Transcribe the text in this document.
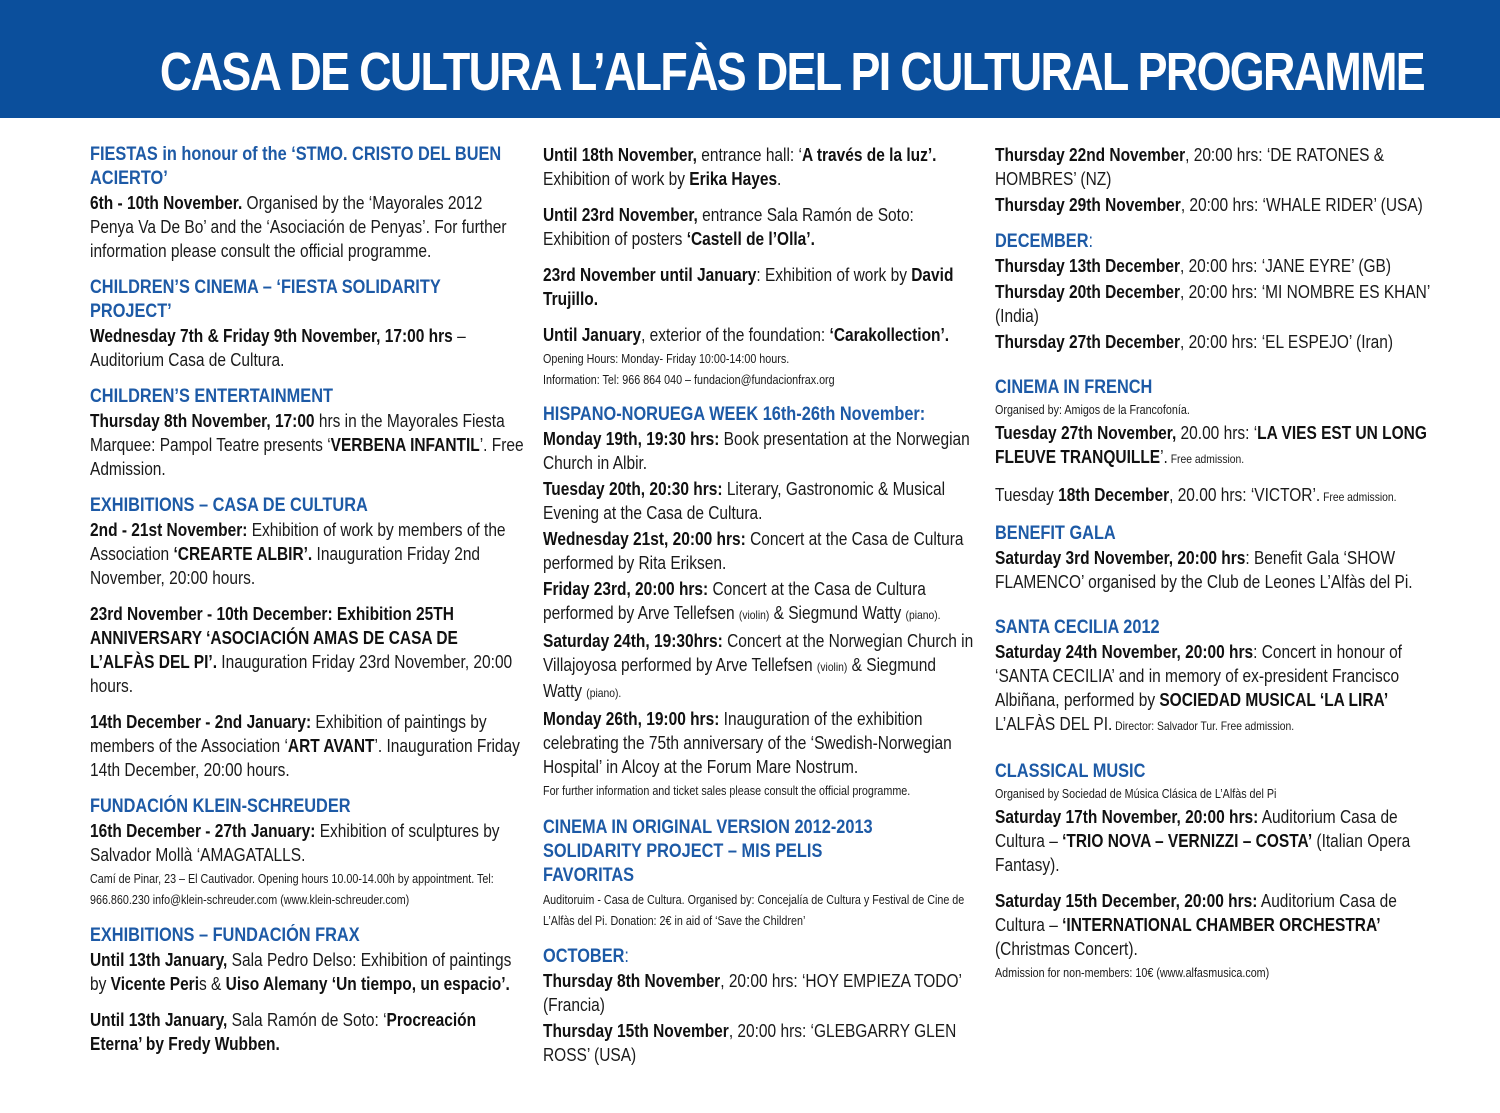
CASA DE CULTURA L’ALFÀS DEL PI CULTURAL PROGRAMME
FIESTAS in honour of the ‘STMO. CRISTO DEL BUEN ACIERTO’
6th - 10th November. Organised by the ‘Mayorales 2012 Penya Va De Bo’ and the ‘Asociación de Penyas’. For further information please consult the official programme.
CHILDREN’S CINEMA – ‘FIESTA SOLIDARITY PROJECT’
Wednesday 7th & Friday 9th November, 17:00 hrs – Auditorium Casa de Cultura.
CHILDREN’S ENTERTAINMENT
Thursday 8th November, 17:00 hrs in the Mayorales Fiesta Marquee: Pampol Teatre presents ‘VERBENA INFANTIL’. Free Admission.
EXHIBITIONS – CASA DE CULTURA
2nd - 21st November: Exhibition of work by members of the Association ‘CREARTE ALBIR’. Inauguration Friday 2nd November, 20:00 hours.
23rd November - 10th December: Exhibition 25TH ANNIVERSARY ‘ASOCIACIÓN AMAS DE CASA DE L’ALFÀS DEL PI’. Inauguration Friday 23rd November, 20:00 hours.
14th December - 2nd January: Exhibition of paintings by members of the Association ‘ART AVANT’. Inauguration Friday 14th December, 20:00 hours.
FUNDACIÓN KLEIN-SCHREUDER
16th December - 27th January: Exhibition of sculptures by Salvador Mollà ‘AMAGATALLS.
Camí de Pinar, 23 – El Cautivador. Opening hours 10.00-14.00h by appointment. Tel: 966.860.230 info@klein-schreuder.com (www.klein-schreuder.com)
EXHIBITIONS – FUNDACIÓN FRAX
Until 13th January, Sala Pedro Delso: Exhibition of paintings by Vicente Peris & Uiso Alemany ‘Un tiempo, un espacio’.
Until 13th January, Sala Ramón de Soto: ‘Procreación Eterna’ by Fredy Wubben.
Until 18th November, entrance hall: ‘A través de la luz’. Exhibition of work by Erika Hayes.
Until 23rd November, entrance Sala Ramón de Soto: Exhibition of posters ‘Castell de l’Olla’.
23rd November until January: Exhibition of work by David Trujillo.
Until January, exterior of the foundation: ‘Carakollection’.
Opening Hours: Monday- Friday 10:00-14:00 hours.
Information: Tel: 966 864 040 – fundacion@fundacionfrax.org
HISPANO-NORUEGA WEEK 16th-26th November:
Monday 19th, 19:30 hrs: Book presentation at the Norwegian Church in Albir.
Tuesday 20th, 20:30 hrs: Literary, Gastronomic & Musical Evening at the Casa de Cultura.
Wednesday 21st, 20:00 hrs: Concert at the Casa de Cultura performed by Rita Eriksen.
Friday 23rd, 20:00 hrs: Concert at the Casa de Cultura performed by Arve Tellefsen (violin) & Siegmund Watty (piano).
Saturday 24th, 19:30hrs: Concert at the Norwegian Church in Villajoyosa performed by Arve Tellefsen (violin) & Siegmund Watty (piano).
Monday 26th, 19:00 hrs: Inauguration of the exhibition celebrating the 75th anniversary of the ‘Swedish-Norwegian Hospital’ in Alcoy at the Forum Mare Nostrum.
For further information and ticket sales please consult the official programme.
CINEMA IN ORIGINAL VERSION 2012-2013 SOLIDARITY PROJECT – MIS PELIS FAVORITAS
Auditoruim - Casa de Cultura. Organised by: Concejalía de Cultura y Festival de Cine de L’Alfàs del Pi. Donation: 2€ in aid of ‘Save the Children’
OCTOBER:
Thursday 8th November, 20:00 hrs: ‘HOY EMPIEZA TODO’ (Francia)
Thursday 15th November, 20:00 hrs: ‘GLEBGARRY GLEN ROSS’ (USA)
Thursday 22nd November, 20:00 hrs: ‘DE RATONES & HOMBRES’ (NZ)
Thursday 29th November, 20:00 hrs: ‘WHALE RIDER’ (USA)
DECEMBER:
Thursday 13th December, 20:00 hrs: ‘JANE EYRE’ (GB)
Thursday 20th December, 20:00 hrs: ‘MI NOMBRE ES KHAN’ (India)
Thursday 27th December, 20:00 hrs: ‘EL ESPEJO’ (Iran)
CINEMA IN FRENCH
Organised by: Amigos de la Francofonía.
Tuesday 27th November, 20.00 hrs: ‘LA VIES EST UN LONG FLEUVE TRANQUILLE’. Free admission.
Tuesday 18th December, 20.00 hrs: ‘VICTOR’. Free admission.
BENEFIT GALA
Saturday 3rd November, 20:00 hrs: Benefit Gala ‘SHOW FLAMENCO’ organised by the Club de Leones L’Alfàs del Pi.
SANTA CECILIA 2012
Saturday 24th November, 20:00 hrs: Concert in honour of ‘SANTA CECILIA’ and in memory of ex-president Francisco Albiñana, performed by SOCIEDAD MUSICAL ‘LA LIRA’ L’ALFÀS DEL PI. Director: Salvador Tur. Free admission.
CLASSICAL MUSIC
Organised by Sociedad de Música Clásica de L’Alfàs del Pi
Saturday 17th November, 20:00 hrs: Auditorium Casa de Cultura – ‘TRIO NOVA – VERNIZZI – COSTA’ (Italian Opera Fantasy).
Saturday 15th December, 20:00 hrs: Auditorium Casa de Cultura – ‘INTERNATIONAL CHAMBER ORCHESTRA’ (Christmas Concert).
Admission for non-members: 10€ (www.alfasmusica.com)
